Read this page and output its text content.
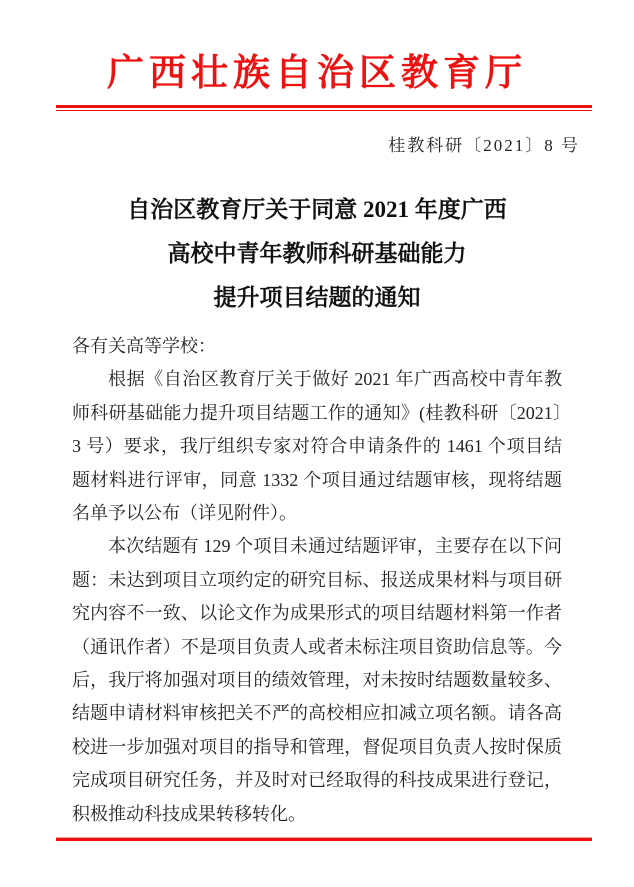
广西壮族自治区教育厅
桂教科研〔2021〕8 号
自治区教育厅关于同意 2021 年度广西
高校中青年教师科研基础能力
提升项目结题的通知

各有关高等学校：

根据《自治区教育厅关于做好 2021 年广西高校中青年教师科研基础能力提升项目结题工作的通知》(桂教科研〔2021〕3 号）要求，我厅组织专家对符合申请条件的 1461 个项目结题材料进行评审，同意 1332 个项目通过结题审核，现将结题名单予以公布（详见附件）。

本次结题有 129 个项目未通过结题评审，主要存在以下问题：未达到项目立项约定的研究目标、报送成果材料与项目研究内容不一致、以论文作为成果形式的项目结题材料第一作者（通讯作者）不是项目负责人或者未标注项目资助信息等。今后，我厅将加强对项目的绩效管理，对未按时结题数量较多、结题申请材料审核把关不严的高校相应扣减立项名额。请各高校进一步加强对项目的指导和管理，督促项目负责人按时保质完成项目研究任务，并及时对已经取得的科技成果进行登记，积极推动科技成果转移转化。
